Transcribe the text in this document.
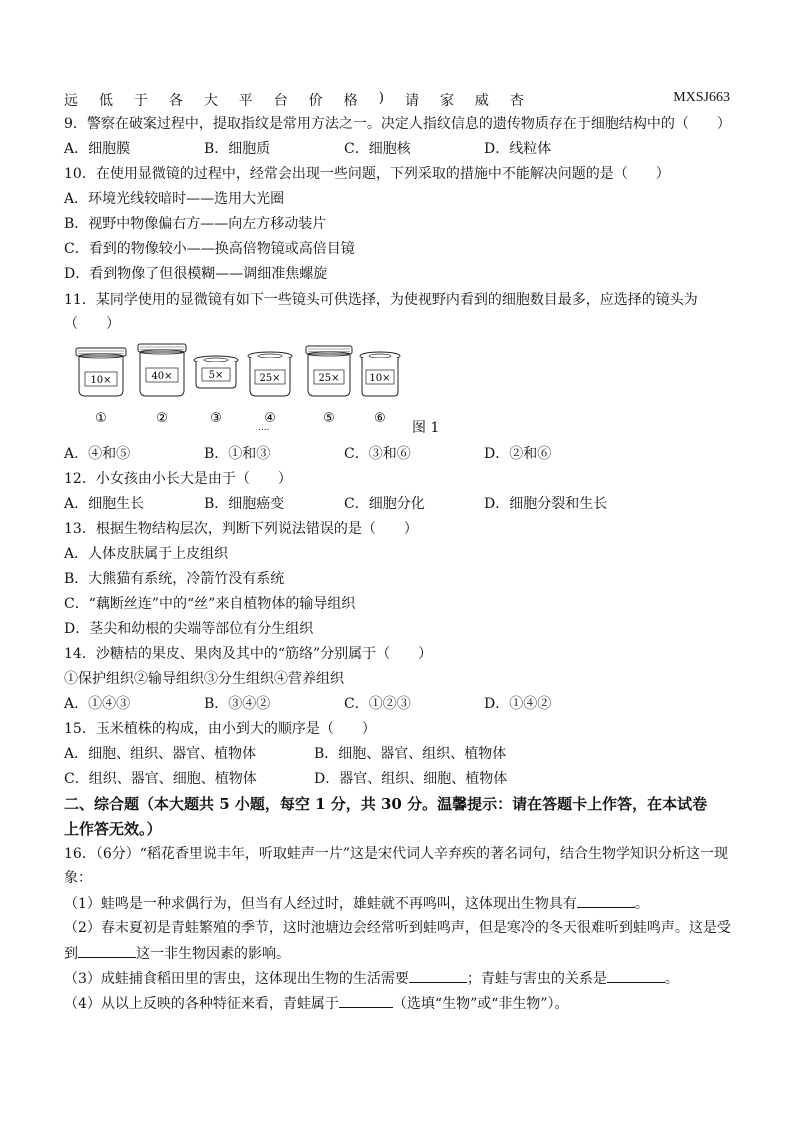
远 低 于 各 大 平 台 价 格 ) 请 家 威 杏	MXSJ663
9．警察在破案过程中，提取指纹是常用方法之一。决定人指纹信息的遗传物质存在于细胞结构中的（　　）
A．细胞膜	B．细胞质	C．细胞核	D．线粒体
10．在使用显微镜的过程中，经常会出现一些问题，下列采取的措施中不能解决问题的是（　　）
A．环境光线较暗时——选用大光圈
B．视野中物像偏右方——向左方移动装片
C．看到的物像较小——换高倍物镜或高倍目镜
D．看到物像了但很模糊——调细准焦螺旋
11．某同学使用的显微镜有如下一些镜头可供选择，为使视野内看到的细胞数目最多，应选择的镜头为
（　　）
10×	40×	5×	25×	25×	10×
①	②	③	④	⑤	⑥
....	图 1
A．④和⑤	B．①和③	C．③和⑥	D．②和⑥
12．小女孩由小长大是由于（　　）
A．细胞生长	B．细胞癌变	C．细胞分化	D．细胞分裂和生长
13．根据生物结构层次，判断下列说法错误的是（　　）
A．人体皮肤属于上皮组织
B．大熊猫有系统，冷箭竹没有系统
C．“藕断丝连”中的“丝”来自植物体的输导组织
D．茎尖和幼根的尖端等部位有分生组织
14．沙糖桔的果皮、果肉及其中的“筋络”分别属于（　　）
①保护组织②输导组织③分生组织④营养组织
A．①④③	B．③④②	C．①②③	D．①④②
15．玉米植株的构成，由小到大的顺序是（　　）
A．细胞、组织、器官、植物体	B．细胞、器官、组织、植物体
C．组织、器官、细胞、植物体	D．器官、组织、细胞、植物体
二、综合题（本大题共 5 小题，每空 1 分，共 30 分。温馨提示：请在答题卡上作答，在本试卷
上作答无效。）
16．（6分）“稻花香里说丰年，听取蛙声一片”这是宋代词人辛弃疾的著名词句，结合生物学知识分析这一现
象：
（1）蛙鸣是一种求偶行为，但当有人经过时，雄蛙就不再鸣叫，这体现出生物具有	。
（2）春末夏初是青蛙繁殖的季节，这时池塘边会经常听到蛙鸣声，但是寒冷的冬天很难听到蛙鸣声。这是受
到	这一非生物因素的影响。
（3）成蛙捕食稻田里的害虫，这体现出生物的生活需要	；青蛙与害虫的关系是	。
（4）从以上反映的各种特征来看，青蛙属于	（选填“生物”或“非生物”）。
